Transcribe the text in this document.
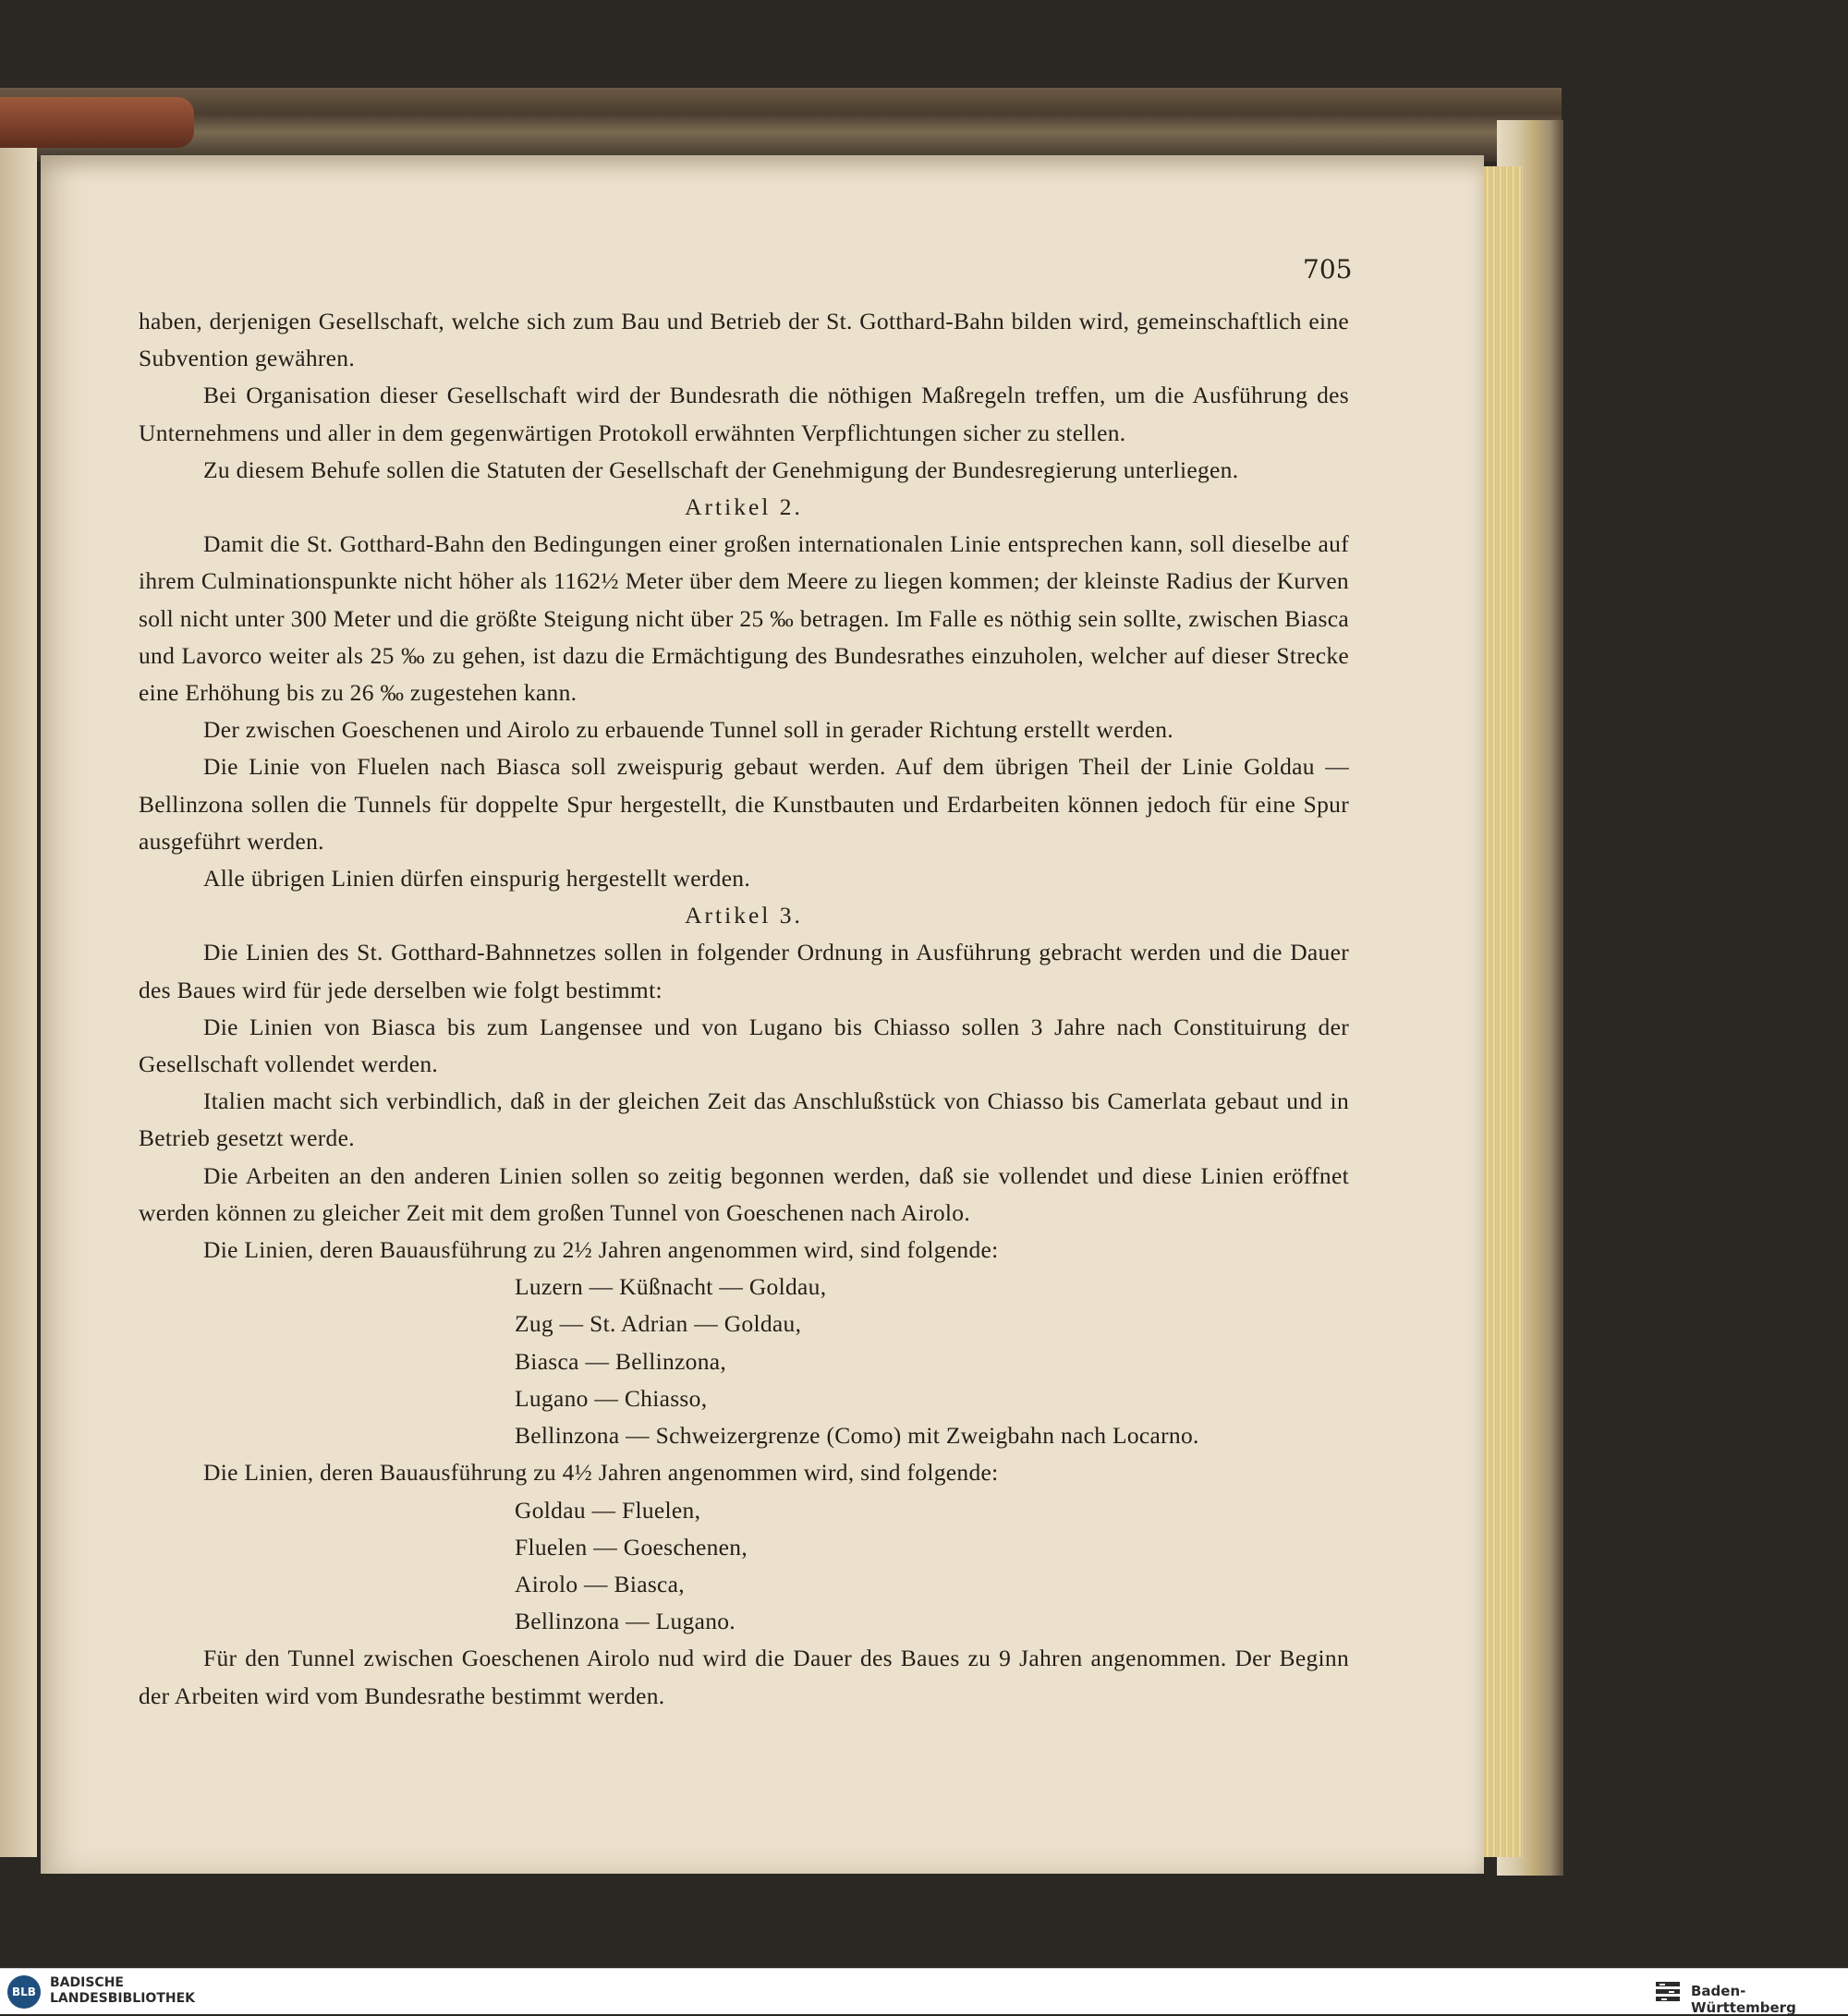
705

haben, derjenigen Gesellschaft, welche sich zum Bau und Betrieb der St. Gotthard-Bahn bilden wird, gemeinschaftlich eine Subvention gewähren.

Bei Organisation dieser Gesellschaft wird der Bundesrath die nöthigen Maßregeln treffen, um die Ausführung des Unternehmens und aller in dem gegenwärtigen Protokoll erwähnten Verpflichtungen sicher zu stellen.

Zu diesem Behufe sollen die Statuten der Gesellschaft der Genehmigung der Bundesregierung unterliegen.

Artikel 2.

Damit die St. Gotthard-Bahn den Bedingungen einer großen internationalen Linie entsprechen kann, soll dieselbe auf ihrem Culminationspunkte nicht höher als 1162½ Meter über dem Meere zu liegen kommen; der kleinste Radius der Kurven soll nicht unter 300 Meter und die größte Steigung nicht über 25 ‰ betragen. Im Falle es nöthig sein sollte, zwischen Biasca und Lavorco weiter als 25 ‰ zu gehen, ist dazu die Ermächtigung des Bundesrathes einzuholen, welcher auf dieser Strecke eine Erhöhung bis zu 26 ‰ zugestehen kann.

Der zwischen Goeschenen und Airolo zu erbauende Tunnel soll in gerader Richtung erstellt werden.

Die Linie von Fluelen nach Biasca soll zweispurig gebaut werden. Auf dem übrigen Theil der Linie Goldau — Bellinzona sollen die Tunnels für doppelte Spur hergestellt, die Kunstbauten und Erdarbeiten können jedoch für eine Spur ausgeführt werden.

Alle übrigen Linien dürfen einspurig hergestellt werden.

Artikel 3.

Die Linien des St. Gotthard-Bahnnetzes sollen in folgender Ordnung in Ausführung gebracht werden und die Dauer des Baues wird für jede derselben wie folgt bestimmt:

Die Linien von Biasca bis zum Langensee und von Lugano bis Chiasso sollen 3 Jahre nach Constituirung der Gesellschaft vollendet werden.

Italien macht sich verbindlich, daß in der gleichen Zeit das Anschlußstück von Chiasso bis Camerlata gebaut und in Betrieb gesetzt werde.

Die Arbeiten an den anderen Linien sollen so zeitig begonnen werden, daß sie vollendet und diese Linien eröffnet werden können zu gleicher Zeit mit dem großen Tunnel von Goeschenen nach Airolo.

Die Linien, deren Bauausführung zu 2½ Jahren angenommen wird, sind folgende:

Luzern — Küßnacht — Goldau,

Zug — St. Adrian — Goldau,

Biasca — Bellinzona,

Lugano — Chiasso,

Bellinzona — Schweizergrenze (Como) mit Zweigbahn nach Locarno.

Die Linien, deren Bauausführung zu 4½ Jahren angenommen wird, sind folgende:

Goldau — Fluelen,

Fluelen — Goeschenen,

Airolo — Biasca,

Bellinzona — Lugano.

Für den Tunnel zwischen Goeschenen Airolo nud wird die Dauer des Baues zu 9 Jahren angenommen. Der Beginn der Arbeiten wird vom Bundesrathe bestimmt werden.

BLB
BADISCHE
LANDESBIBLIOTHEK	Baden-Württemberg
